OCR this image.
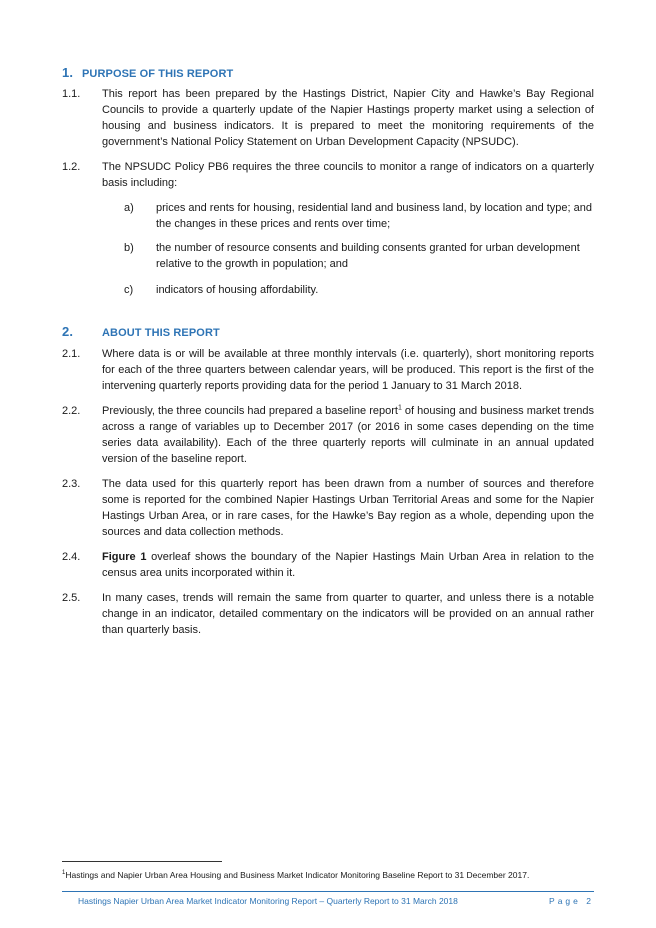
1. PURPOSE OF THIS REPORT
1.1.	This report has been prepared by the Hastings District, Napier City and Hawke’s Bay Regional Councils to provide a quarterly update of the Napier Hastings property market using a selection of housing and business indicators. It is prepared to meet the monitoring requirements of the government’s National Policy Statement on Urban Development Capacity (NPSUDC).
1.2.	The NPSUDC Policy PB6 requires the three councils to monitor a range of indicators on a quarterly basis including:
a)	prices and rents for housing, residential land and business land, by location and type; and the changes in these prices and rents over time;
b)	the number of resource consents and building consents granted for urban development relative to the growth in population; and
c)	indicators of housing affordability.
2.	ABOUT THIS REPORT
2.1.	Where data is or will be available at three monthly intervals (i.e. quarterly), short monitoring reports for each of the three quarters between calendar years, will be produced. This report is the first of the intervening quarterly reports providing data for the period 1 January to 31 March 2018.
2.2.	Previously, the three councils had prepared a baseline report$^1$ of housing and business market trends across a range of variables up to December 2017 (or 2016 in some cases depending on the time series data availability). Each of the three quarterly reports will culminate in an annual updated version of the baseline report.
2.3.	The data used for this quarterly report has been drawn from a number of sources and therefore some is reported for the combined Napier Hastings Urban Territorial Areas and some for the Napier Hastings Urban Area, or in rare cases, for the Hawke’s Bay region as a whole, depending upon the sources and data collection methods.
2.4.	Figure 1 overleaf shows the boundary of the Napier Hastings Main Urban Area in relation to the census area units incorporated within it.
2.5.	In many cases, trends will remain the same from quarter to quarter, and unless there is a notable change in an indicator, detailed commentary on the indicators will be provided on an annual rather than quarterly basis.
$^1$Hastings and Napier Urban Area Housing and Business Market Indicator Monitoring Baseline Report to 31 December 2017.
Hastings Napier Urban Area Market Indicator Monitoring Report – Quarterly Report to 31 March 2018	Page 2
